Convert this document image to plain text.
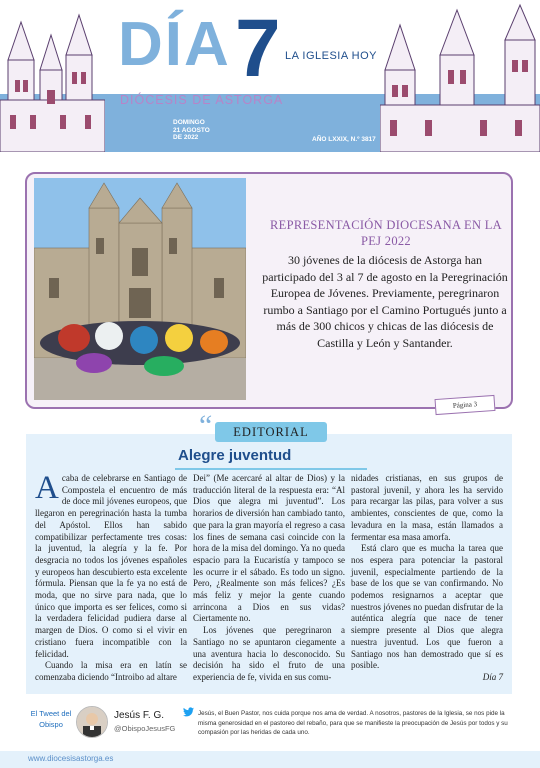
DÍA 7 LA IGLESIA HOY
DIÓCESIS DE ASTORGA
DOMINGO
21 AGOSTO
DE 2022	AÑO LXXIX, N.º 3817
REPRESENTACIÓN DIOCESANA EN LA PEJ 2022
30 jóvenes de la diócesis de Astorga han participado del 3 al 7 de agosto en la Peregrinación Europea de Jóvenes. Previamente, peregrinaron rumbo a Santiago por el Camino Portugués junto a más de 300 chicos y chicas de las diócesis de Castilla y León y Santander.
Página 3
“	EDITORIAL
Alegre juventud

Acaba de celebrarse en Santiago de Compostela el encuentro de más de doce mil jóvenes europeos, que llegaron en peregrinación hasta la tumba del Apóstol. Ellos han sabido compatibilizar perfectamente tres cosas: la juventud, la alegría y la fe. Por desgracia no todos los jóvenes españoles y europeos han descubierto esta excelente fórmula. Piensan que la fe ya no está de moda, que no sirve para nada, que lo único que importa es ser felices, como si la verdadera felicidad pudiera darse al margen de Dios. O como si el vivir en cristiano fuera incompatible con la felicidad.

Cuando la misa era en latín se comenzaba diciendo “Introibo ad altare

Dei” (Me acercaré al altar de Dios) y la traducción literal de la respuesta era: “Al Dios que alegra mi juventud”. Los horarios de diversión han cambiado tanto, que para la gran mayoría el regreso a casa los fines de semana casi coincide con la hora de la misa del domingo. Ya no queda espacio para la Eucaristía y tampoco se les ocurre ir el sábado. Es todo un signo. Pero, ¿Realmente son más felices? ¿Es más feliz y mejor la gente cuando arrincona a Dios en sus vidas? Ciertamente no.

Los jóvenes que peregrinaron a Santiago no se apuntaron ciegamente a una aventura hacia lo desconocido. Su decisión ha sido el fruto de una experiencia de fe, vivida en sus comu-

nidades cristianas, en sus grupos de pastoral juvenil, y ahora les ha servido para recargar las pilas, para volver a sus ambientes, conscientes de que, como la levadura en la masa, están llamados a fermentar esa masa amorfa.

Está claro que es mucha la tarea que nos espera para potenciar la pastoral juvenil, especialmente partiendo de la base de los que se van confirmando. No podemos resignarnos a aceptar que nuestros jóvenes no puedan disfrutar de la auténtica alegría que nace de tener siempre presente al Dios que alegra nuestra juventud. Los que fueron a Santiago nos han demostrado que sí es posible.

Día 7

El Tweet del Obispo
Jesús F. G.
@ObispoJesusFG
Jesús, el Buen Pastor, nos cuida porque nos ama de verdad. A nosotros, pastores de la Iglesia, se nos pide la misma generosidad en el pastoreo del rebaño, para que se manifieste la preocupación de Jesús por todos y su compasión por las heridas de cada uno.
www.diocesisastorga.es
